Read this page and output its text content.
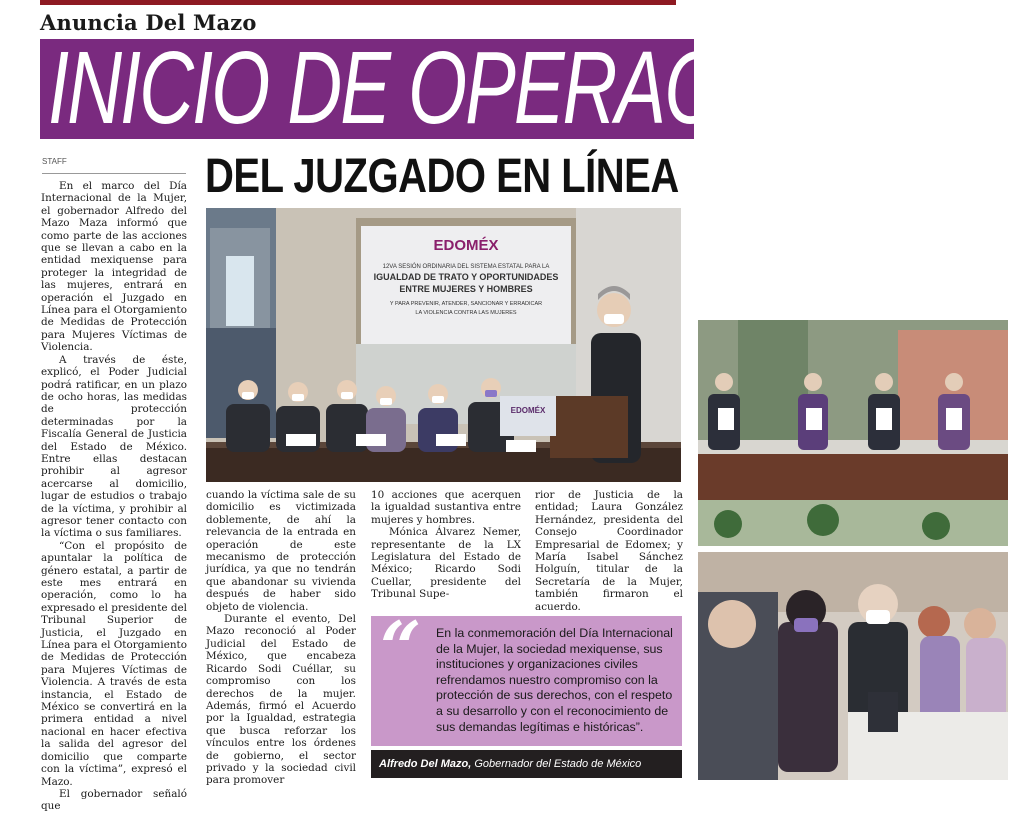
Anuncia Del Mazo
INICIO DE OPERACIÓN
STAFF	DEL JUZGADO EN LÍNEA

En el marco del Día Internacional de la Mujer, el gobernador Alfredo del Mazo Maza informó que como parte de las acciones que se llevan a cabo en la entidad mexiquense para proteger la integridad de las mujeres, entrará en operación el Juzgado en Línea para el Otorgamiento de Medidas de Protección para Mujeres Víctimas de Violencia.

A través de éste, explicó, el Poder Judicial podrá ratificar, en un plazo de ocho horas, las medidas de protección determinadas por la Fiscalía General de Justicia del Estado de México. Entre ellas destacan prohibir al agresor acercarse al domicilio, lugar de estudios o trabajo de la víctima, y prohibir al agresor tener contacto con la víctima o sus familiares.

“Con el propósito de apuntalar la política de género estatal, a partir de este mes entrará en operación, como lo ha expresado el presidente del Tribunal Superior de Justicia, el Juzgado en Línea para el Otorgamiento de Medidas de Protección para Mujeres Víctimas de Violencia. A través de esta instancia, el Estado de México se convertirá en la primera entidad a nivel nacional en hacer efectiva la salida del agresor del domicilio que comparte con la víctima”, expresó el Mazo.

El gobernador señaló que

EDOMÉX
12VA SESIÓN ORDINARIA DEL SISTEMA ESTATAL PARA LA
IGUALDAD DE TRATO Y OPORTUNIDADES
ENTRE MUJERES Y HOMBRES
Y PARA PREVENIR, ATENDER, SANCIONAR Y ERRADICAR
LA VIOLENCIA CONTRA LAS MUJERES
EDOMÉX

cuando la víctima sale de su domicilio es victimizada doblemente, de ahí la relevancia de la entrada en operación de este mecanismo de protección jurídica, ya que no tendrán que abandonar su vivienda después de haber sido objeto de violencia.

Durante el evento, Del Mazo reconoció al Poder Judicial del Estado de México, que encabeza Ricardo Sodi Cuéllar, su compromiso con los derechos de la mujer. Además, firmó el Acuerdo por la Igualdad, estrategia que busca reforzar los vínculos entre los órdenes de gobierno, el sector privado y la sociedad civil para promover

10 acciones que acerquen la igualdad sustantiva entre mujeres y hombres.

Mónica Álvarez Nemer, representante de la LX Legislatura del Estado de México; Ricardo Sodi Cuellar, presidente del Tribunal Supe-

rior de Justicia de la entidad; Laura González Hernández, presidenta del Consejo Coordinador Empresarial de Edomex; y María Isabel Sánchez Holguín, titular de la Secretaría de la Mujer, también firmaron el acuerdo.

“ En la conmemoración del Día Internacional de la Mujer, la sociedad mexiquense, sus instituciones y organizaciones civiles refrendamos nuestro compromiso con la protección de sus derechos, con el respeto a su desarrollo y con el reconocimiento de sus demandas legítimas e históricas”.
Alfredo Del Mazo, Gobernador del Estado de México
